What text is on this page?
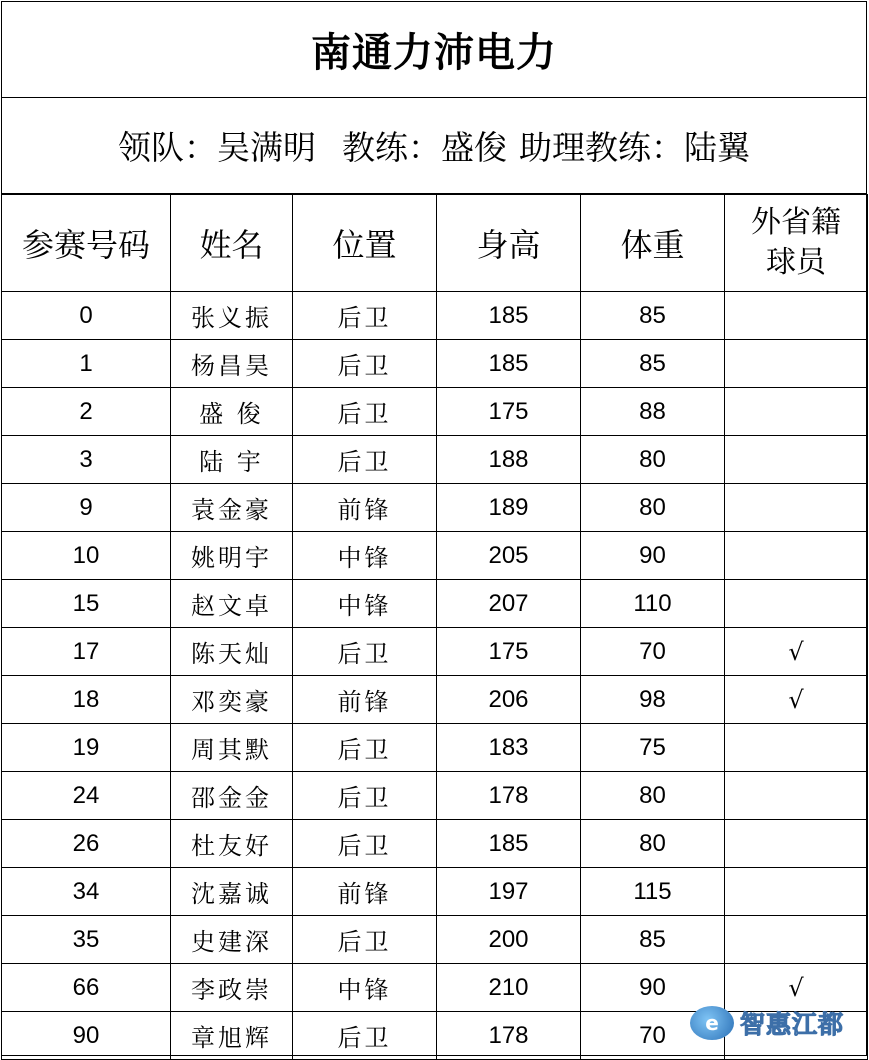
南通力沛电力
领队：吴满明 教练：盛俊 助理教练：陆翼
参赛号码	姓名	位置	身高	体重	外省籍
球员

0	张义振	后卫	185	85	
1	杨昌昊	后卫	185	85	
2	盛 俊	后卫	175	88	
3	陆 宇	后卫	188	80	
9	袁金豪	前锋	189	80	
10	姚明宇	中锋	205	90	
15	赵文卓	中锋	207	110	
17	陈天灿	后卫	175	70	√
18	邓奕豪	前锋	206	98	√
19	周其默	后卫	183	75	
24	邵金金	后卫	178	80	
26	杜友好	后卫	185	80	
34	沈嘉诚	前锋	197	115	
35	史建深	后卫	200	85	
66	李政崇	中锋	210	90	√
90	章旭辉	后卫	178	70		e 智惠江都
